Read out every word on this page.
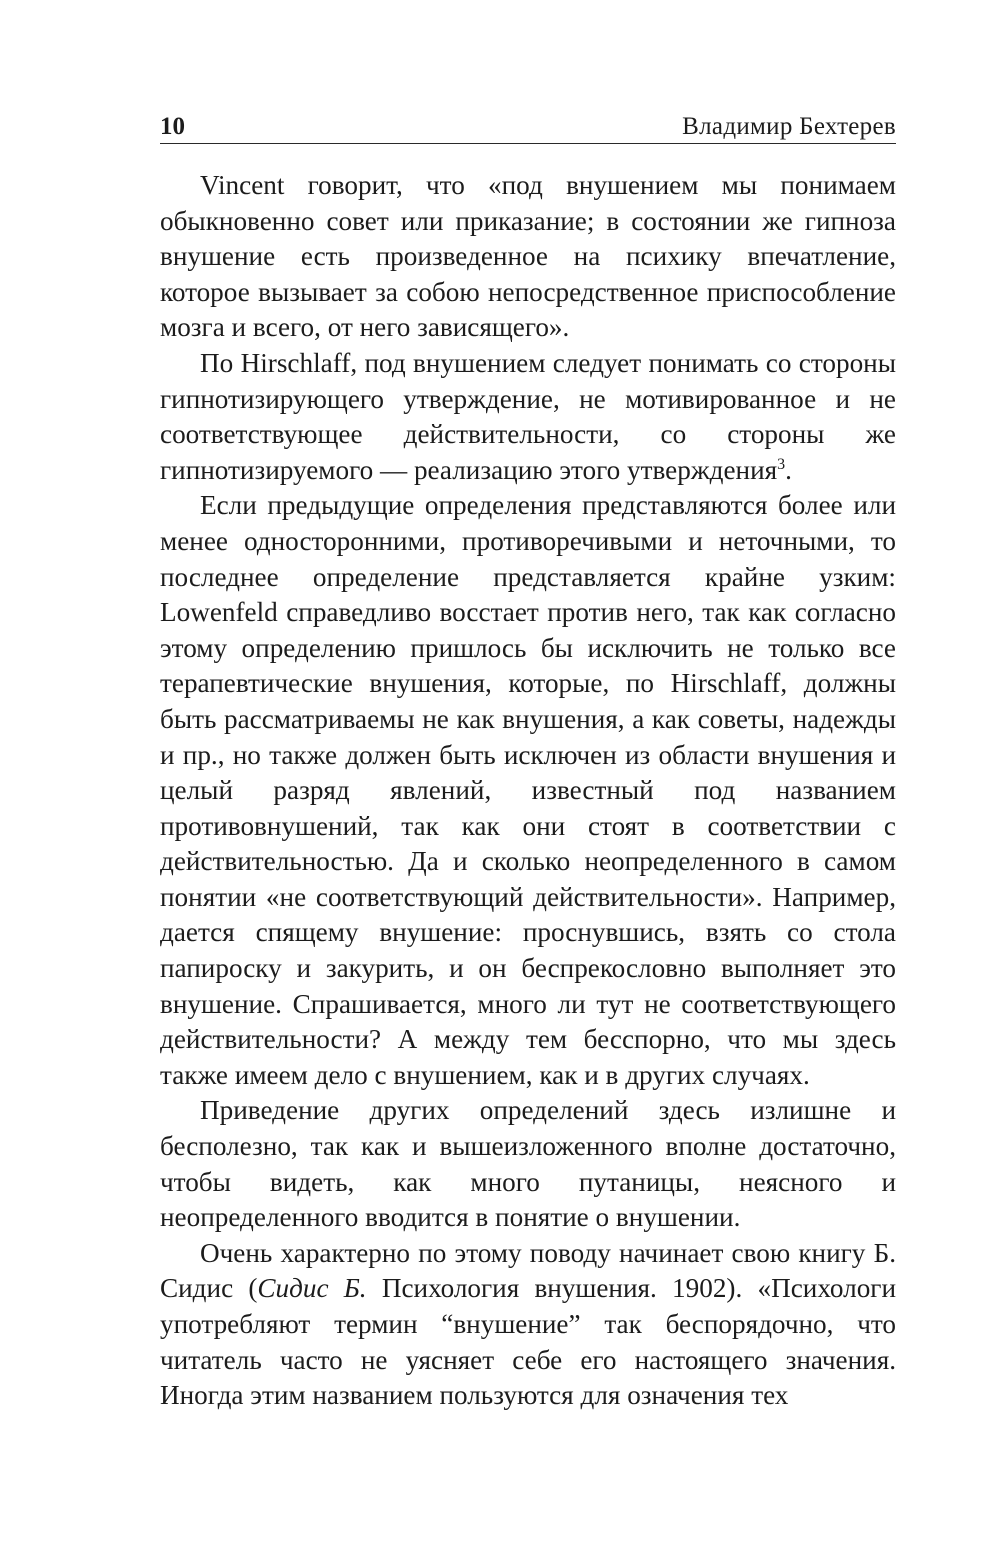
10	Владимир Бехтерев

Vincent говорит, что «под внушением мы понимаем обыкновенно совет или приказание; в состоянии же гипноза внушение есть произведенное на психику впечатление, которое вызывает за собою непосредственное приспособление мозга и всего, от него зависящего».

По Hirschlaff, под внушением следует понимать со стороны гипнотизирующего утверждение, не мотивированное и не соответствующее действительности, со стороны же гипнотизируемого — реализацию этого утверждения$^3$.

Если предыдущие определения представляются более или менее односторонними, противоречивыми и неточными, то последнее определение представляется крайне узким: Lowenfeld справедливо восстает против него, так как согласно этому определению пришлось бы исключить не только все терапевтические внушения, которые, по Hirschlaff, должны быть рассматриваемы не как внушения, а как советы, надежды и пр., но также должен быть исключен из области внушения и целый разряд явлений, известный под названием противовнушений, так как они стоят в соответствии с действительностью. Да и сколько неопределенного в самом понятии «не соответствующий действительности». Например, дается спящему внушение: проснувшись, взять со стола папироску и закурить, и он беспрекословно выполняет это внушение. Спрашивается, много ли тут не соответствующего действительности? А между тем бесспорно, что мы здесь также имеем дело с внушением, как и в других случаях.

Приведение других определений здесь излишне и бесполезно, так как и вышеизложенного вполне достаточно, чтобы видеть, как много путаницы, неясного и неопределенного вводится в понятие о внушении.

Очень характерно по этому поводу начинает свою книгу Б. Сидис (Сидис Б. Психология внушения. 1902). «Психологи употребляют термин “внушение” так беспорядочно, что читатель часто не уясняет себе его настоящего значения. Иногда этим названием пользуются для означения тех
